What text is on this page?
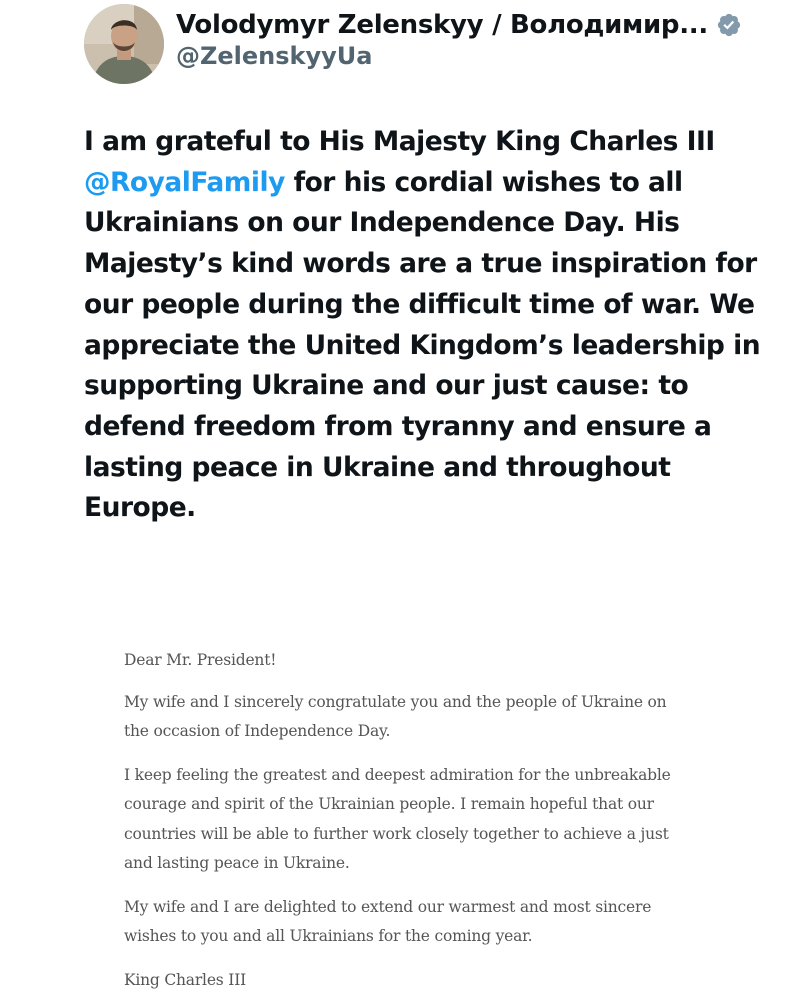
Volodymyr Zelenskyy / Володимир...
@ZelenskyyUa

I am grateful to His Majesty King Charles III @RoyalFamily for his cordial wishes to all Ukrainians on our Independence Day. His Majesty’s kind words are a true inspiration for our people during the difficult time of war. We appreciate the United Kingdom’s leadership in supporting Ukraine and our just cause: to defend freedom from tyranny and ensure a lasting peace in Ukraine and throughout Europe.

Dear Mr. President!

My wife and I sincerely congratulate you and the people of Ukraine on the occasion of Independence Day.

I keep feeling the greatest and deepest admiration for the unbreakable courage and spirit of the Ukrainian people. I remain hopeful that our countries will be able to further work closely together to achieve a just and lasting peace in Ukraine.

My wife and I are delighted to extend our warmest and most sincere wishes to you and all Ukrainians for the coming year.

King Charles III
